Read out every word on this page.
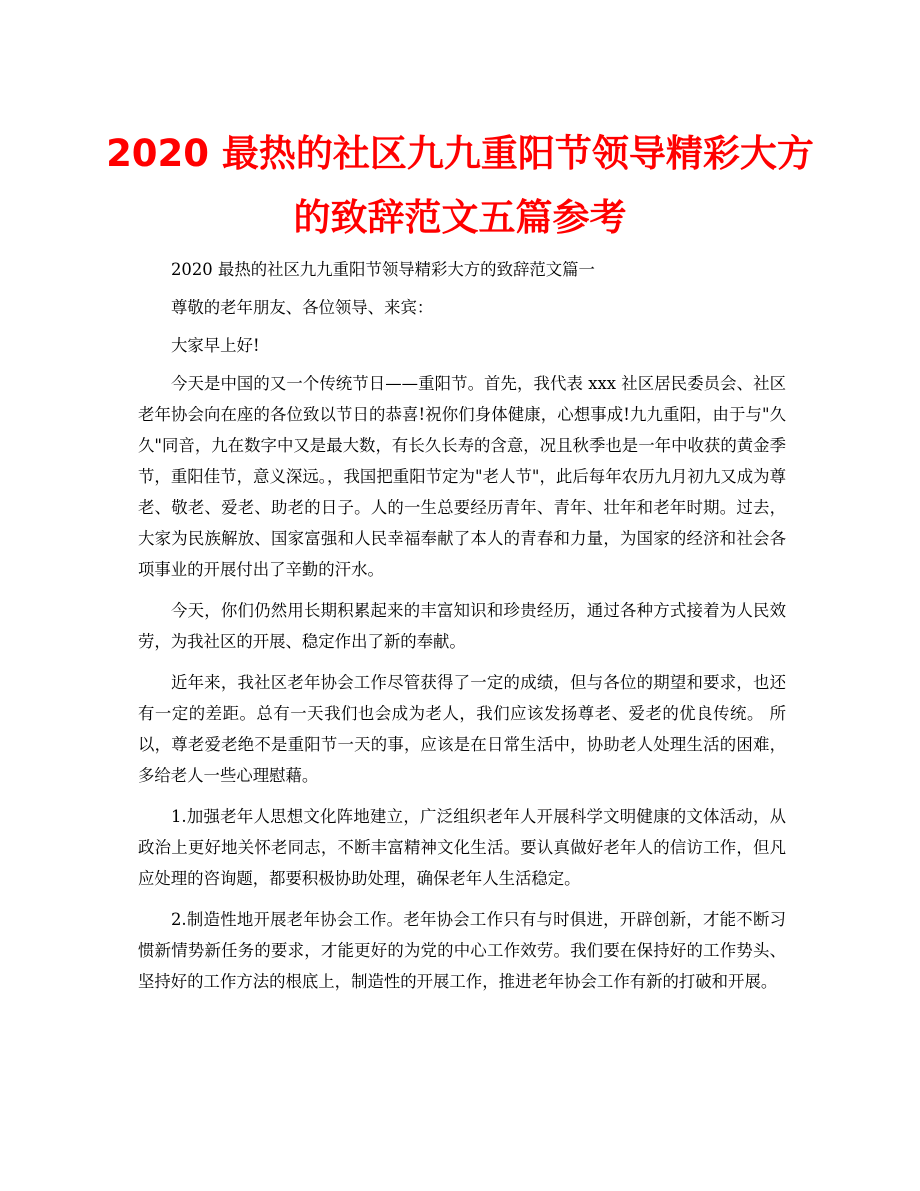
2020 最热的社区九九重阳节领导精彩大方
的致辞范文五篇参考

2020 最热的社区九九重阳节领导精彩大方的致辞范文篇一

尊敬的老年朋友、各位领导、来宾：

大家早上好!

今天是中国的又一个传统节日——重阳节。首先，我代表 xxx 社区居民委员会、社区老年协会向在座的各位致以节日的恭喜!祝你们身体健康，心想事成!九九重阳，由于与"久久"同音，九在数字中又是最大数，有长久长寿的含意，况且秋季也是一年中收获的黄金季节，重阳佳节，意义深远。，我国把重阳节定为"老人节"，此后每年农历九月初九又成为尊老、敬老、爱老、助老的日子。人的一生总要经历青年、青年、壮年和老年时期。过去，大家为民族解放、国家富强和人民幸福奉献了本人的青春和力量，为国家的经济和社会各项事业的开展付出了辛勤的汗水。

今天，你们仍然用长期积累起来的丰富知识和珍贵经历，通过各种方式接着为人民效劳，为我社区的开展、稳定作出了新的奉献。

近年来，我社区老年协会工作尽管获得了一定的成绩，但与各位的期望和要求，也还有一定的差距。总有一天我们也会成为老人，我们应该发扬尊老、爱老的优良传统。 所以，尊老爱老绝不是重阳节一天的事，应该是在日常生活中，协助老人处理生活的困难，多给老人一些心理慰藉。

1.加强老年人思想文化阵地建立，广泛组织老年人开展科学文明健康的文体活动，从政治上更好地关怀老同志，不断丰富精神文化生活。要认真做好老年人的信访工作，但凡应处理的咨询题，都要积极协助处理，确保老年人生活稳定。

2.制造性地开展老年协会工作。老年协会工作只有与时俱进，开辟创新，才能不断习惯新情势新任务的要求，才能更好的为党的中心工作效劳。我们要在保持好的工作势头、坚持好的工作方法的根底上，制造性的开展工作，推进老年协会工作有新的打破和开展。
